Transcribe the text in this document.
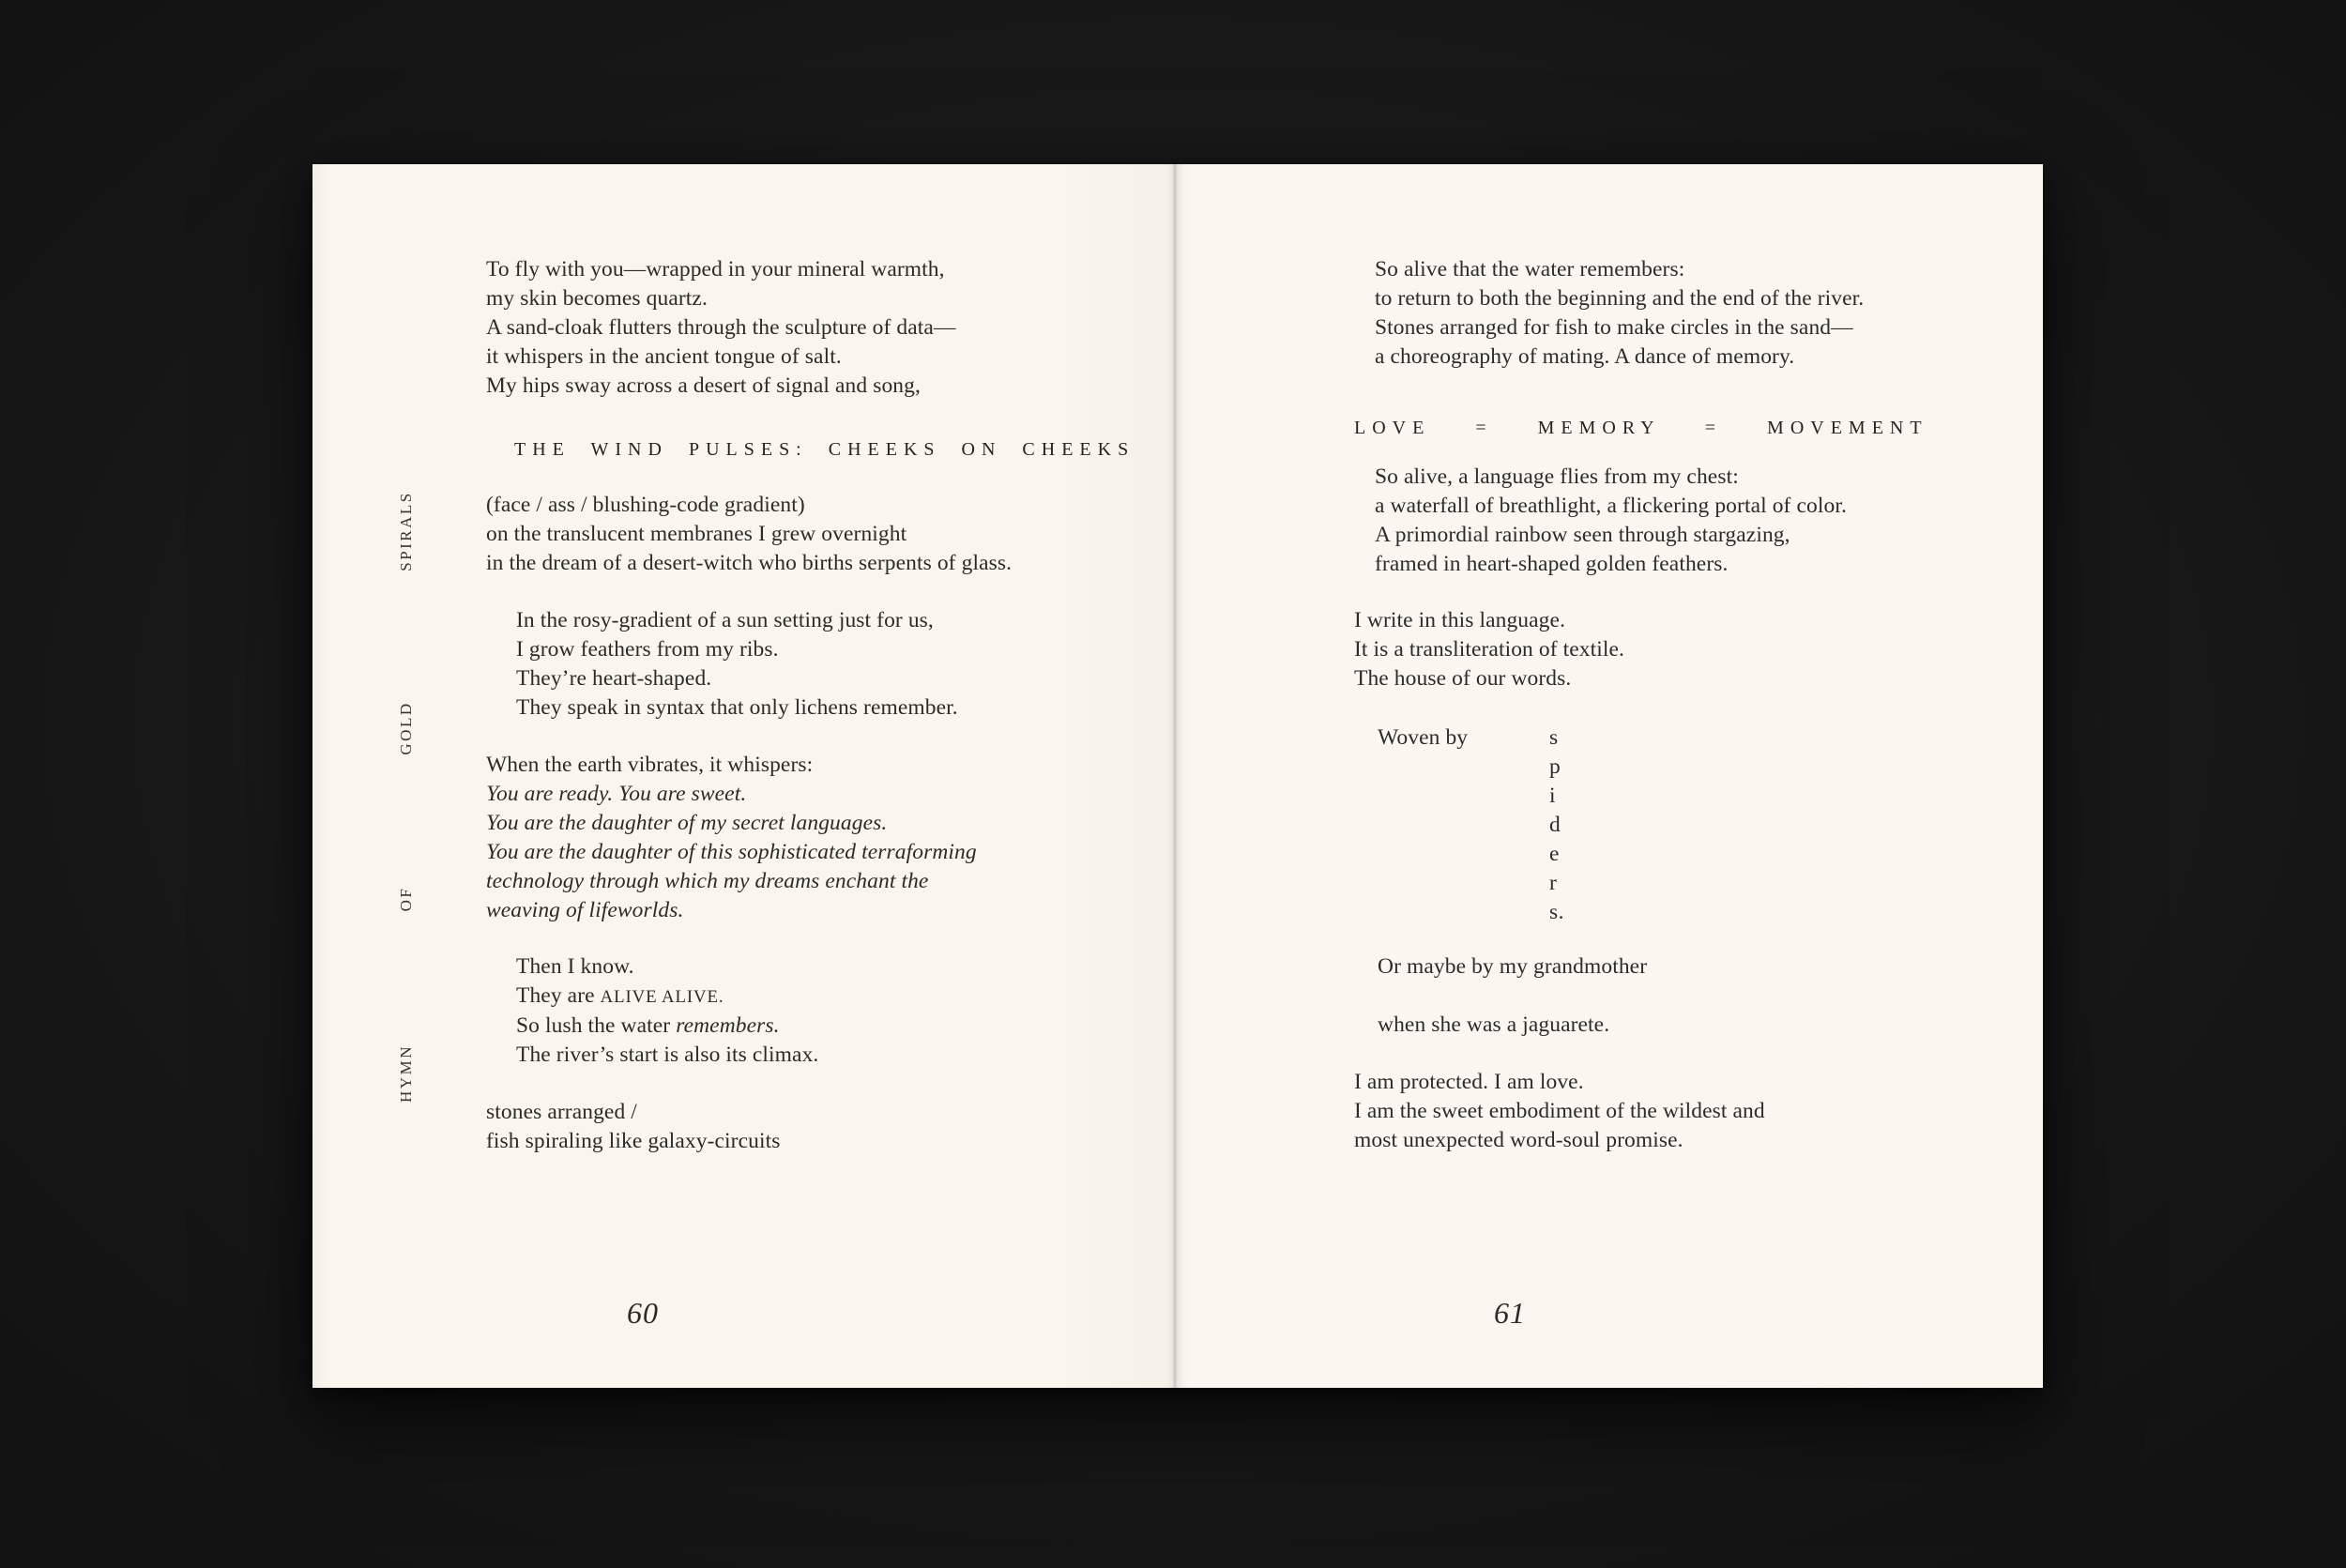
SPIRALS
GOLD
OF
HYMN
To fly with you—wrapped in your mineral warmth,
my skin becomes quartz.
A sand-cloak flutters through the sculpture of data—
it whispers in the ancient tongue of salt.
My hips sway across a desert of signal and song,
THE WIND PULSES: CHEEKS ON CHEEKS
(face / ass / blushing-code gradient)
on the translucent membranes I grew overnight
in the dream of a desert-witch who births serpents of glass.
In the rosy-gradient of a sun setting just for us,
I grow feathers from my ribs.
They’re heart-shaped.
They speak in syntax that only lichens remember.
When the earth vibrates, it whispers:
You are ready. You are sweet.
You are the daughter of my secret languages.
You are the daughter of this sophisticated terraforming
technology through which my dreams enchant the
weaving of lifeworlds.
Then I know.
They are ALIVE ALIVE.
So lush the water remembers.
The river’s start is also its climax.
stones arranged /
fish spiraling like galaxy-circuits
60
So alive that the water remembers:
to return to both the beginning and the end of the river.
Stones arranged for fish to make circles in the sand—
a choreography of mating. A dance of memory.
LOVE = MEMORY = MOVEMENT
So alive, a language flies from my chest:
a waterfall of breathlight, a flickering portal of color.
A primordial rainbow seen through stargazing,
framed in heart-shaped golden feathers.
I write in this language.
It is a transliteration of textile.
The house of our words.
Woven by	s
p
i
d
e
r
s.
Or maybe by my grandmother
when she was a jaguarete.
I am protected. I am love.
I am the sweet embodiment of the wildest and
most unexpected word-soul promise.
61
